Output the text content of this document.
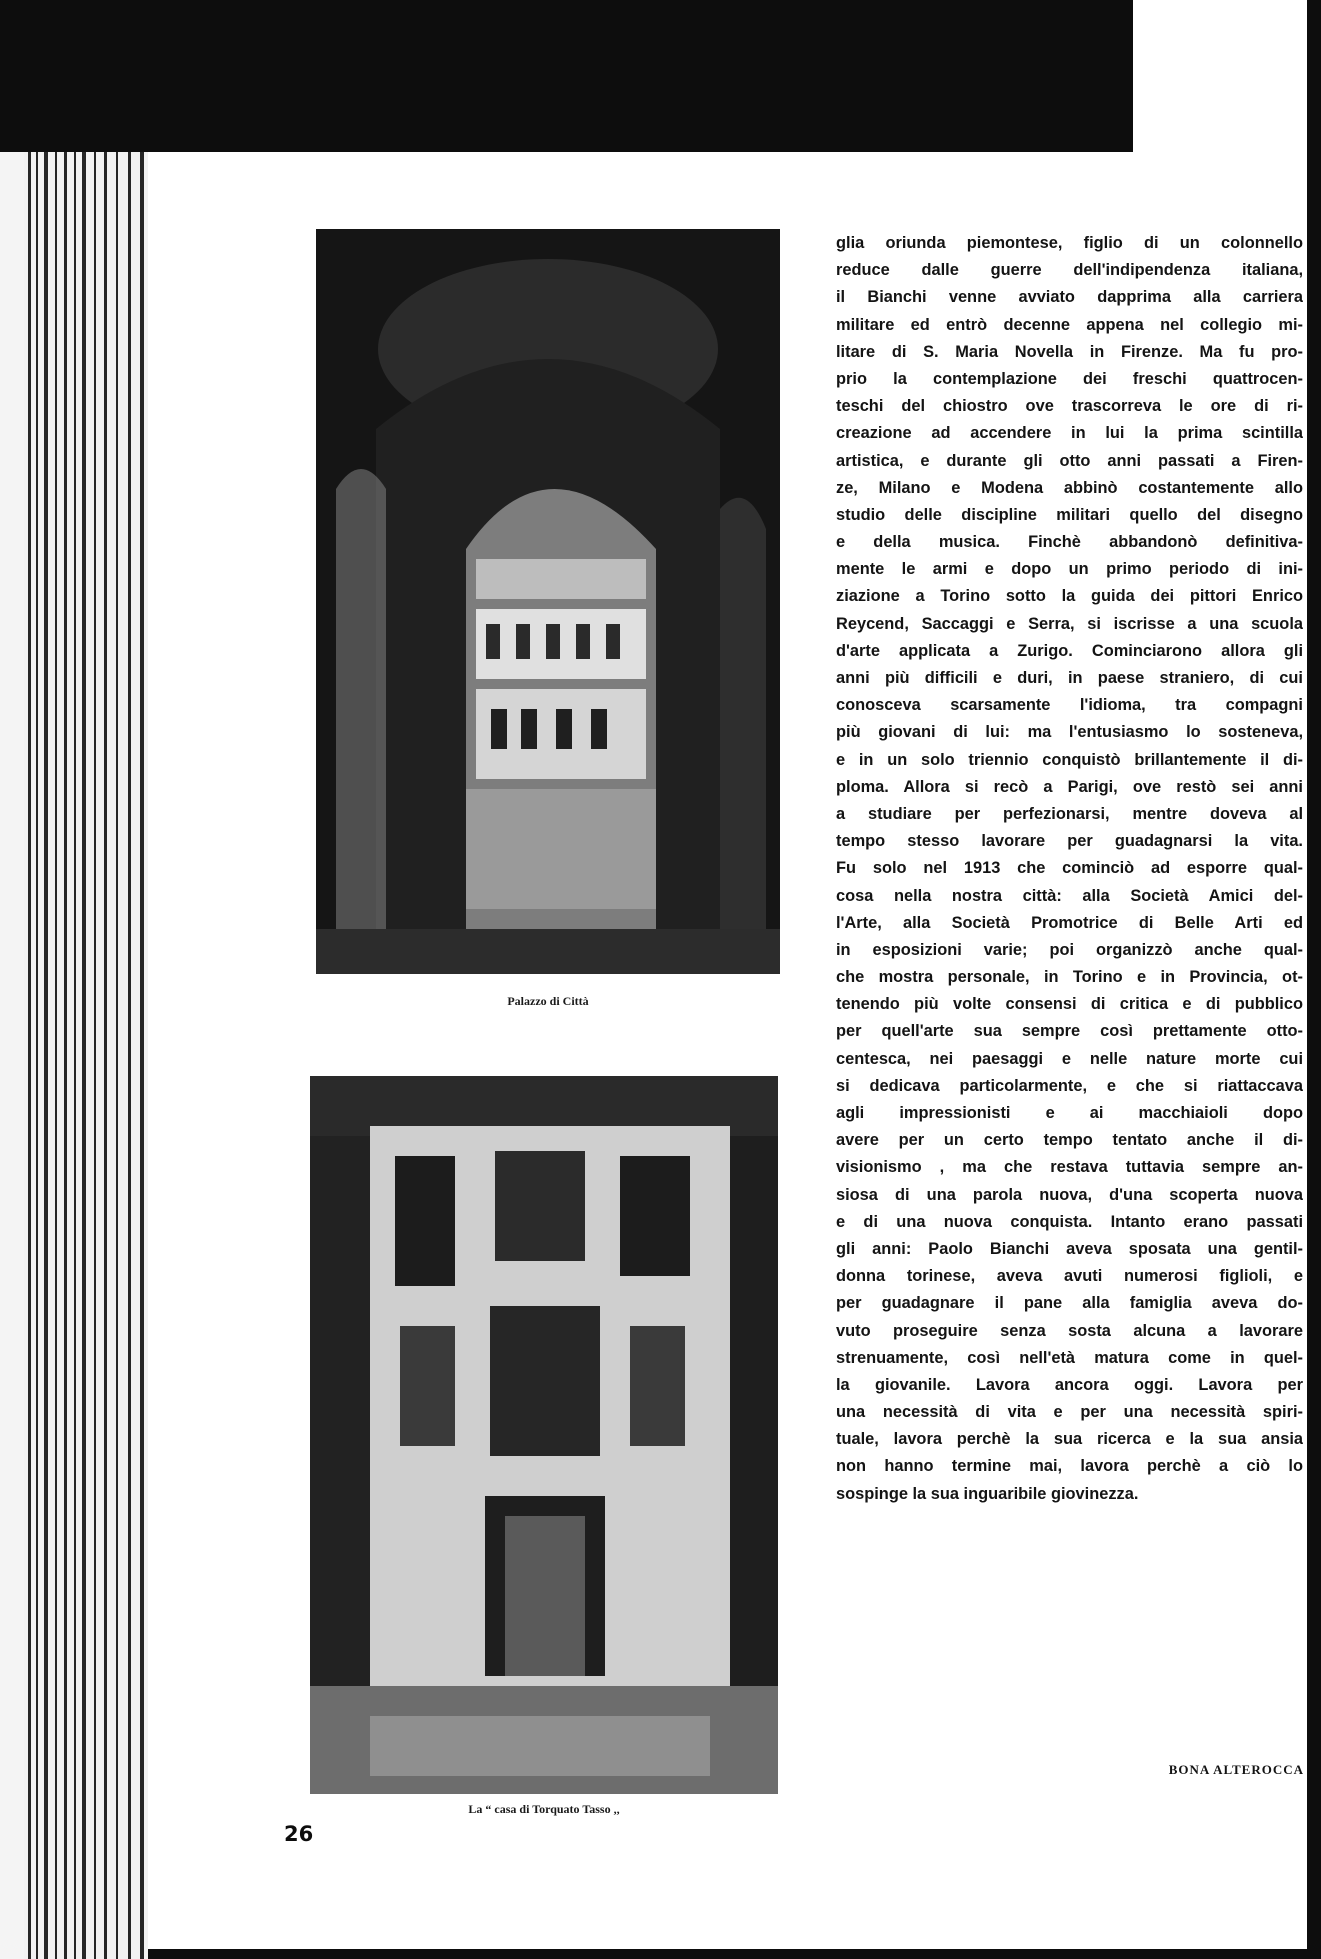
Palazzo di Città
La “ casa di Torquato Tasso ,,
26
glia oriunda piemontese, figlio di un colonnello
reduce dalle guerre dell'indipendenza italiana,
il Bianchi venne avviato dapprima alla carriera
militare ed entrò decenne appena nel collegio mi-
litare di S. Maria Novella in Firenze. Ma fu pro-
prio la contemplazione dei freschi quattrocen-
teschi del chiostro ove trascorreva le ore di ri-
creazione ad accendere in lui la prima scintilla
artistica, e durante gli otto anni passati a Firen-
ze, Milano e Modena abbinò costantemente allo
studio delle discipline militari quello del disegno
e della musica. Finchè abbandonò definitiva-
mente le armi e dopo un primo periodo di ini-
ziazione a Torino sotto la guida dei pittori Enrico
Reycend, Saccaggi e Serra, si iscrisse a una scuola
d'arte applicata a Zurigo. Cominciarono allora gli
anni più difficili e duri, in paese straniero, di cui
conosceva scarsamente l'idioma, tra compagni
più giovani di lui: ma l'entusiasmo lo sosteneva,
e in un solo triennio conquistò brillantemente il di-
ploma. Allora si recò a Parigi, ove restò sei anni
a studiare per perfezionarsi, mentre doveva al
tempo stesso lavorare per guadagnarsi la vita.
Fu solo nel 1913 che cominciò ad esporre qual-
cosa nella nostra città: alla Società Amici del-
l'Arte, alla Società Promotrice di Belle Arti ed
in esposizioni varie; poi organizzò anche qual-
che mostra personale, in Torino e in Provincia, ot-
tenendo più volte consensi di critica e di pubblico
per quell'arte sua sempre così prettamente otto-
centesca, nei paesaggi e nelle nature morte cui
si dedicava particolarmente, e che si riattaccava
agli impressionisti e ai macchiaioli dopo
avere per un certo tempo tentato anche il di-
visionismo , ma che restava tuttavia sempre an-
siosa di una parola nuova, d'una scoperta nuova
e di una nuova conquista. Intanto erano passati
gli anni: Paolo Bianchi aveva sposata una gentil-
donna torinese, aveva avuti numerosi figlioli, e
per guadagnare il pane alla famiglia aveva do-
vuto proseguire senza sosta alcuna a lavorare
strenuamente, così nell'età matura come in quel-
la giovanile. Lavora ancora oggi. Lavora per
una necessità di vita e per una necessità spiri-
tuale, lavora perchè la sua ricerca e la sua ansia
non hanno termine mai, lavora perchè a ciò lo
sospinge la sua inguaribile giovinezza.
BONA ALTEROCCA
